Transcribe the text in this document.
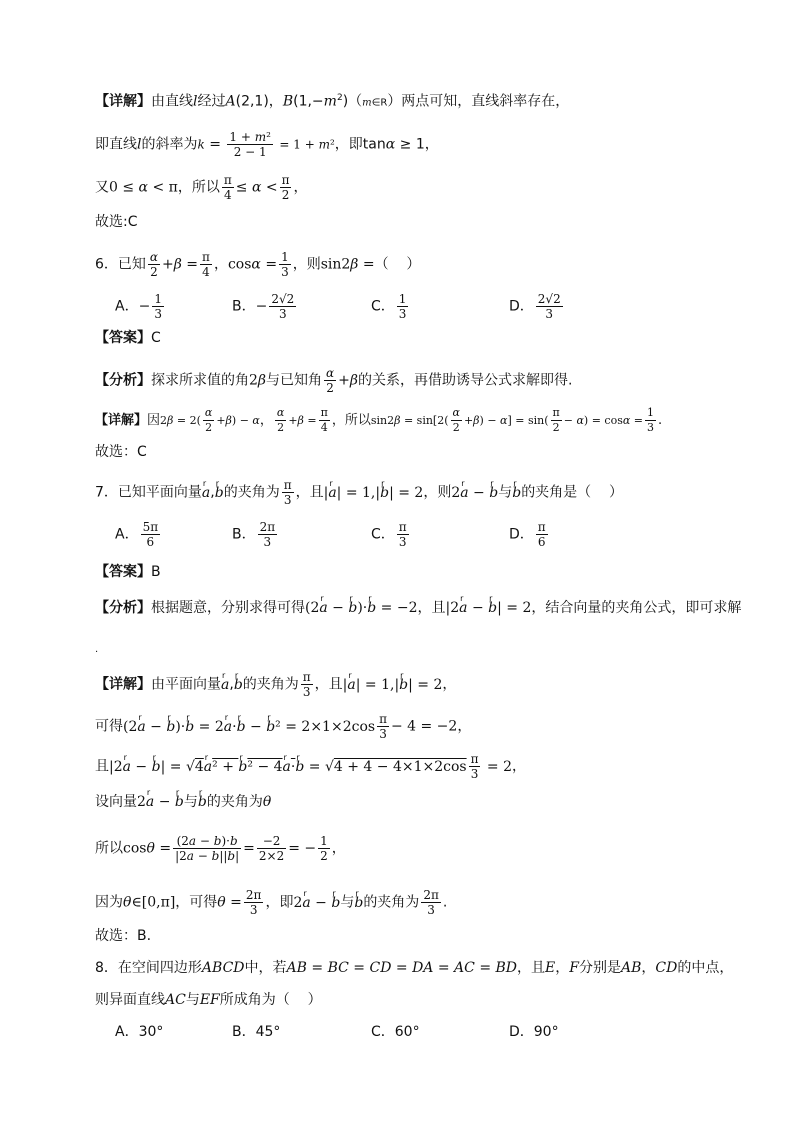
【详解】由直线l经过A(2,1)，$B(1,-m^2)(m\in R)$两点可知，直线斜率存在，
即直线l的斜率为$k = \frac{\text{1 + m²}}{2 - 1} = 1 + m^2$，即tanα ≥ 1，
又0 ≤ α < π，所以 $\frac{\pi}{4} \le \alpha < \frac{\pi}{2}$ ，
故选:C
6．已知 $\frac{\alpha}{2} +\beta = \frac{\pi}{4}$ ，$\cos\alpha = \frac{1}{3}$ ，则sin2β =（    ）
A．− $\frac{1}{3}$	B．− $\frac{2√2}{3}$	C． $\frac{1}{3}$	D． $\frac{2√2}{3}$
【答案】C
【分析】探求所求值的角2β与已知角 $\frac{\alpha}{2} +\beta$的关系，再借助诱导公式求解即得.
【详解】因$2\beta = 2( \frac{\alpha}{2} +\beta) - \alpha$， $\frac{\alpha}{2} +\beta = \frac{\pi}{4}$ ，所以$\sin 2\beta = \sin[2( \frac{\alpha}{2} +\beta) - \alpha] = \sin( \frac{\pi}{2} - \alpha) = \cos\alpha = \frac{1}{3}$ .
故选：C
7．已知平面向量r a,r b的夹角为 $\frac{\pi}{3}$ ，且|r a| = 1,|r b| = 2，则2r a − r b与r b的夹角是（    ）
A． $\frac{5\pi}{6}$	B． $\frac{2\pi}{3}$	C． $\frac{\pi}{3}$	D． $\frac{\pi}{6}$
【答案】B
【分析】根据题意，分别求得可得(2r a − r b)·r b = −2，且|2r a − r b| = 2，结合向量的夹角公式，即可求解
.
【详解】由平面向量r a,r b的夹角为 $\frac{\pi}{3}$ ，且|r a| = 1,|r b| = 2，
可得(2r a − r b)·r b = 2r a·r b − r $b^2 = 2\times 1\times 2\cos \frac{\pi}{3} - 4 = -2$，
且|2r a − r b| = √4r a² + r b² − 4r a·r $b = √4 + 4 - 4\times 1\times 2\cos \frac{\pi}{3} = 2$，
设向量2r a − r b与r b的夹角为θ
所以$\cos\theta = \frac{(2a - b)\cdot b}{|2a - b||b|} = \frac{-2}{2\times 2}$ = − $\frac{1}{2}$ ，
因为θ∈[0,π]，可得$\theta = \frac{2\pi}{3}$ ，即2r a − r b与r b的夹角为 $\frac{2\pi}{3}$ .
故选：B.
8．在空间四边形ABCD中，若AB = BC = CD = DA = AC = BD，且E，F分别是AB，CD的中点，
则异面直线AC与EF所成角为（    ）
A．30°	B．45°	C．60°	D．90°
